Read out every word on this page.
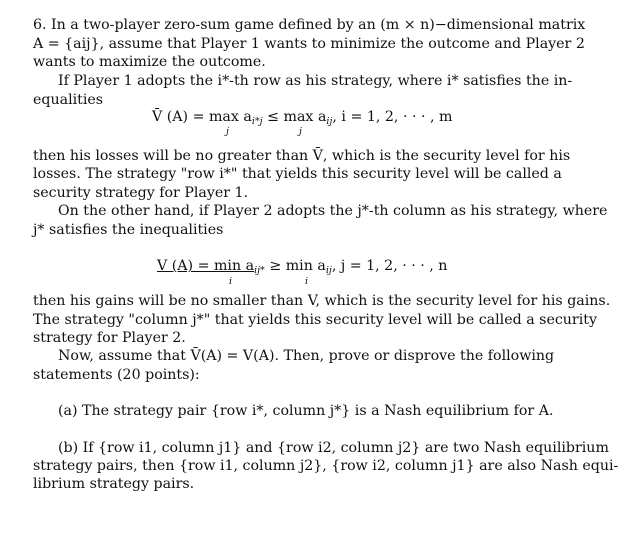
6. In a two-player zero-sum game defined by an (m × n)−dimensional matrix
A = {aij}, assume that Player 1 wants to minimize the outcome and Player 2
wants to maximize the outcome.
If Player 1 adopts the i*-th row as his strategy, where i* satisfies the in-
equalities
V̄ $(A) = \max a_{i*j} \le \max a_{ij}$, i = 1, 2, · · · , m
j	j
then his losses will be no greater than V̄, which is the security level for his
losses. The strategy "row i*" that yields this security level will be called a
security strategy for Player 1.
On the other hand, if Player 2 adopts the j*-th column as his strategy, where
j* satisfies the inequalities
V $(A) = \min a_{ij*} \ge \min a_{ij}$, j = 1, 2, · · · , n
i	i
then his gains will be no smaller than V, which is the security level for his gains.
The strategy "column j*" that yields this security level will be called a security
strategy for Player 2.
Now, assume that V̄(A) = V(A). Then, prove or disprove the following
statements (20 points):
(a) The strategy pair {row i*, column j*} is a Nash equilibrium for A.
(b) If {row i1, column j1} and {row i2, column j2} are two Nash equilibrium
strategy pairs, then {row i1, column j2}, {row i2, column j1} are also Nash equi-
librium strategy pairs.
